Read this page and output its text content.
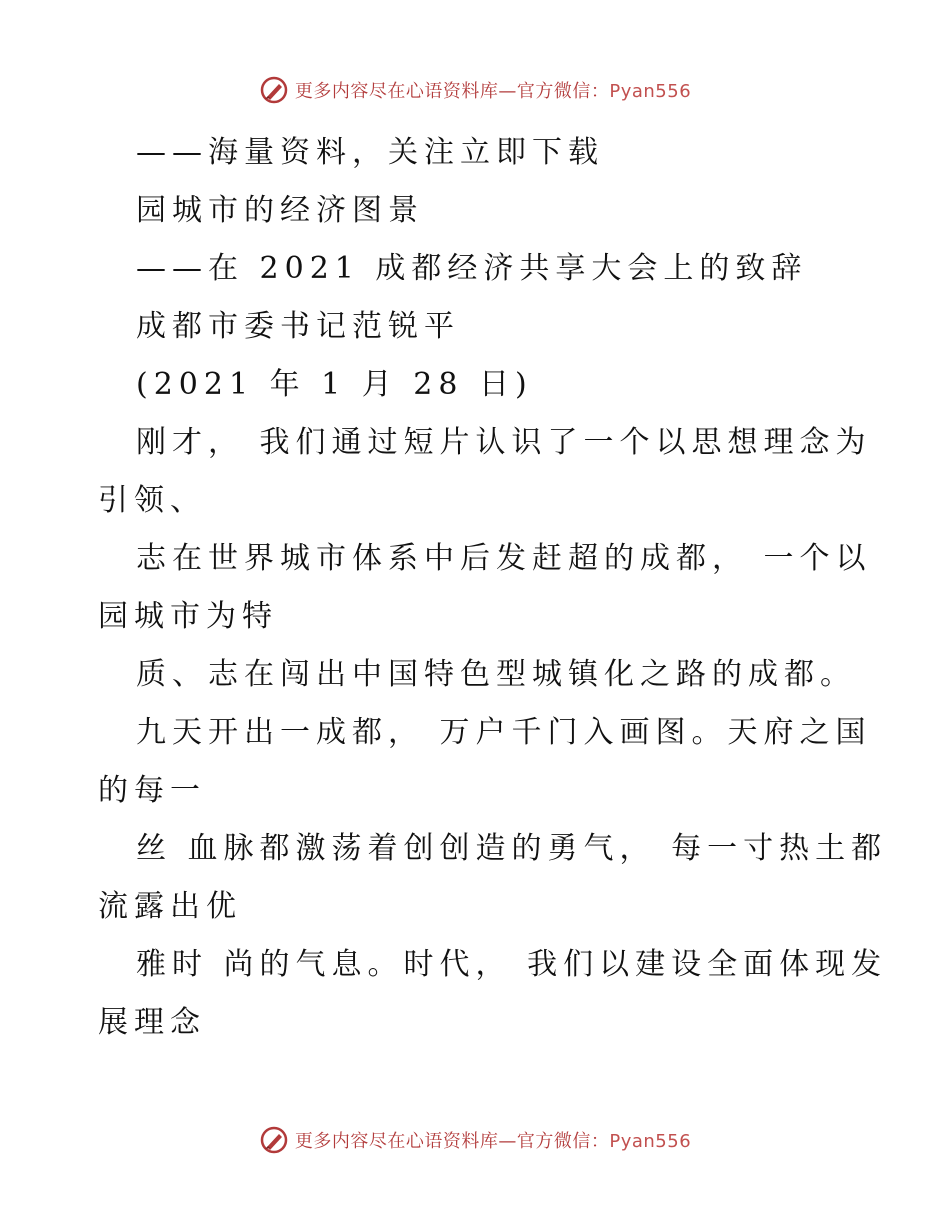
更多内容尽在心语资料库—官方微信：Pyan556
——海量资料，关注立即下载
园城市的经济图景
——在 2021 成都经济共享大会上的致辞
成都市委书记范锐平
(2021 年 1 月 28 日)
刚才， 我们通过短片认识了一个以思想理念为
引领、
志在世界城市体系中后发赶超的成都， 一个以
园城市为特
质、志在闯出中国特色型城镇化之路的成都。
九天开出一成都， 万户千门入画图。天府之国
的每一
丝 血脉都激荡着创创造的勇气， 每一寸热土都
流露出优
雅时 尚的气息。时代， 我们以建设全面体现发
展理念
更多内容尽在心语资料库—官方微信：Pyan556
